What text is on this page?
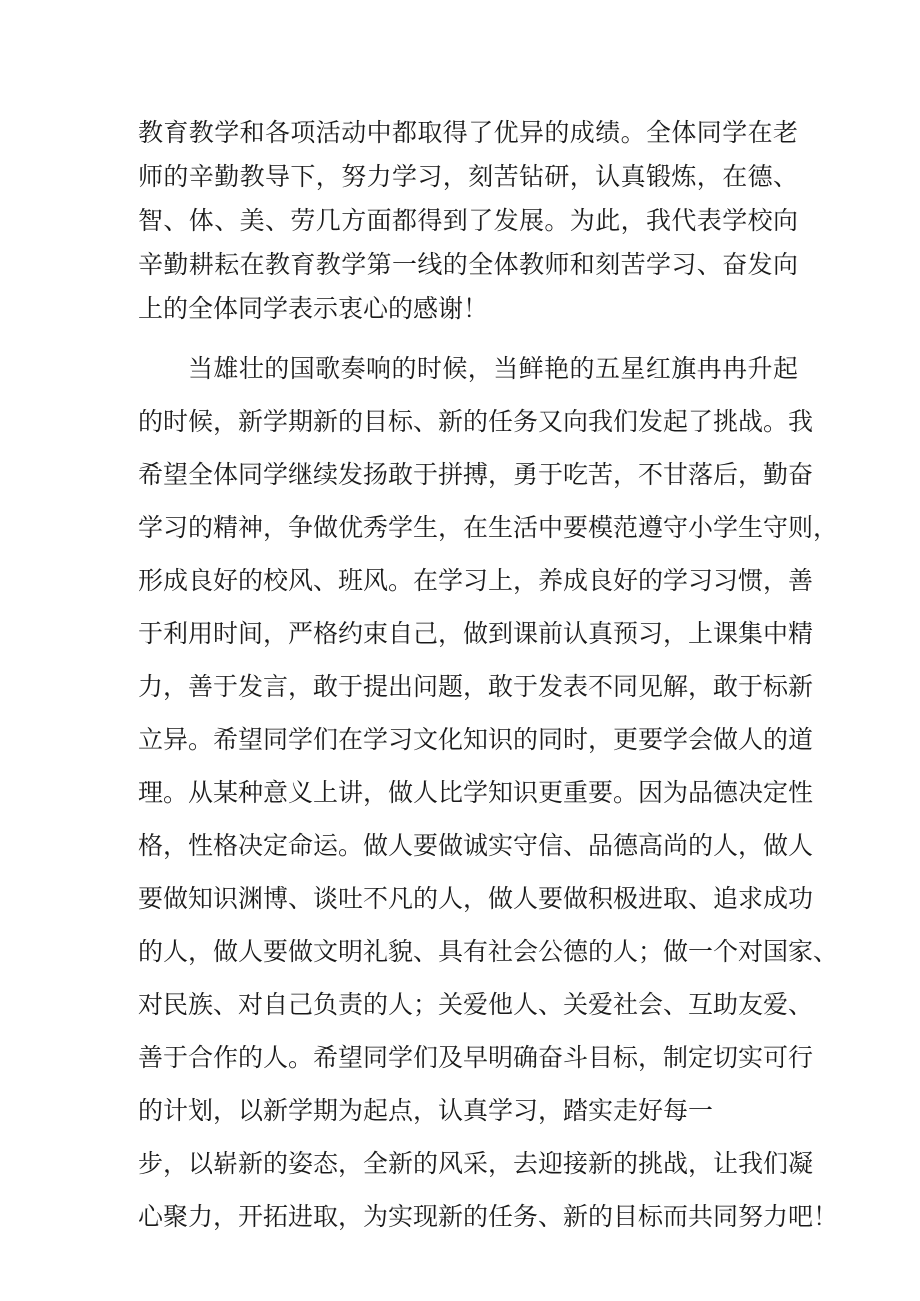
教育教学和各项活动中都取得了优异的成绩。全体同学在老
师的辛勤教导下，努力学习，刻苦钻研，认真锻炼，在德、
智、体、美、劳几方面都得到了发展。为此，我代表学校向
辛勤耕耘在教育教学第一线的全体教师和刻苦学习、奋发向
上的全体同学表示衷心的感谢！
当雄壮的国歌奏响的时候，当鲜艳的五星红旗冉冉升起
的时候，新学期新的目标、新的任务又向我们发起了挑战。我
希望全体同学继续发扬敢于拼搏，勇于吃苦，不甘落后，勤奋
学习的精神，争做优秀学生，在生活中要模范遵守小学生守则，
形成良好的校风、班风。在学习上，养成良好的学习习惯，善
于利用时间，严格约束自己，做到课前认真预习，上课集中精
力，善于发言，敢于提出问题，敢于发表不同见解，敢于标新
立异。希望同学们在学习文化知识的同时，更要学会做人的道
理。从某种意义上讲，做人比学知识更重要。因为品德决定性
格，性格决定命运。做人要做诚实守信、品德高尚的人，做人
要做知识渊博、谈吐不凡的人，做人要做积极进取、追求成功
的人，做人要做文明礼貌、具有社会公德的人；做一个对国家、
对民族、对自己负责的人；关爱他人、关爱社会、互助友爱、
善于合作的人。希望同学们及早明确奋斗目标，制定切实可行
的计划，以新学期为起点，认真学习，踏实走好每一
步，以崭新的姿态，全新的风采，去迎接新的挑战，让我们凝
心聚力，开拓进取，为实现新的任务、新的目标而共同努力吧！
